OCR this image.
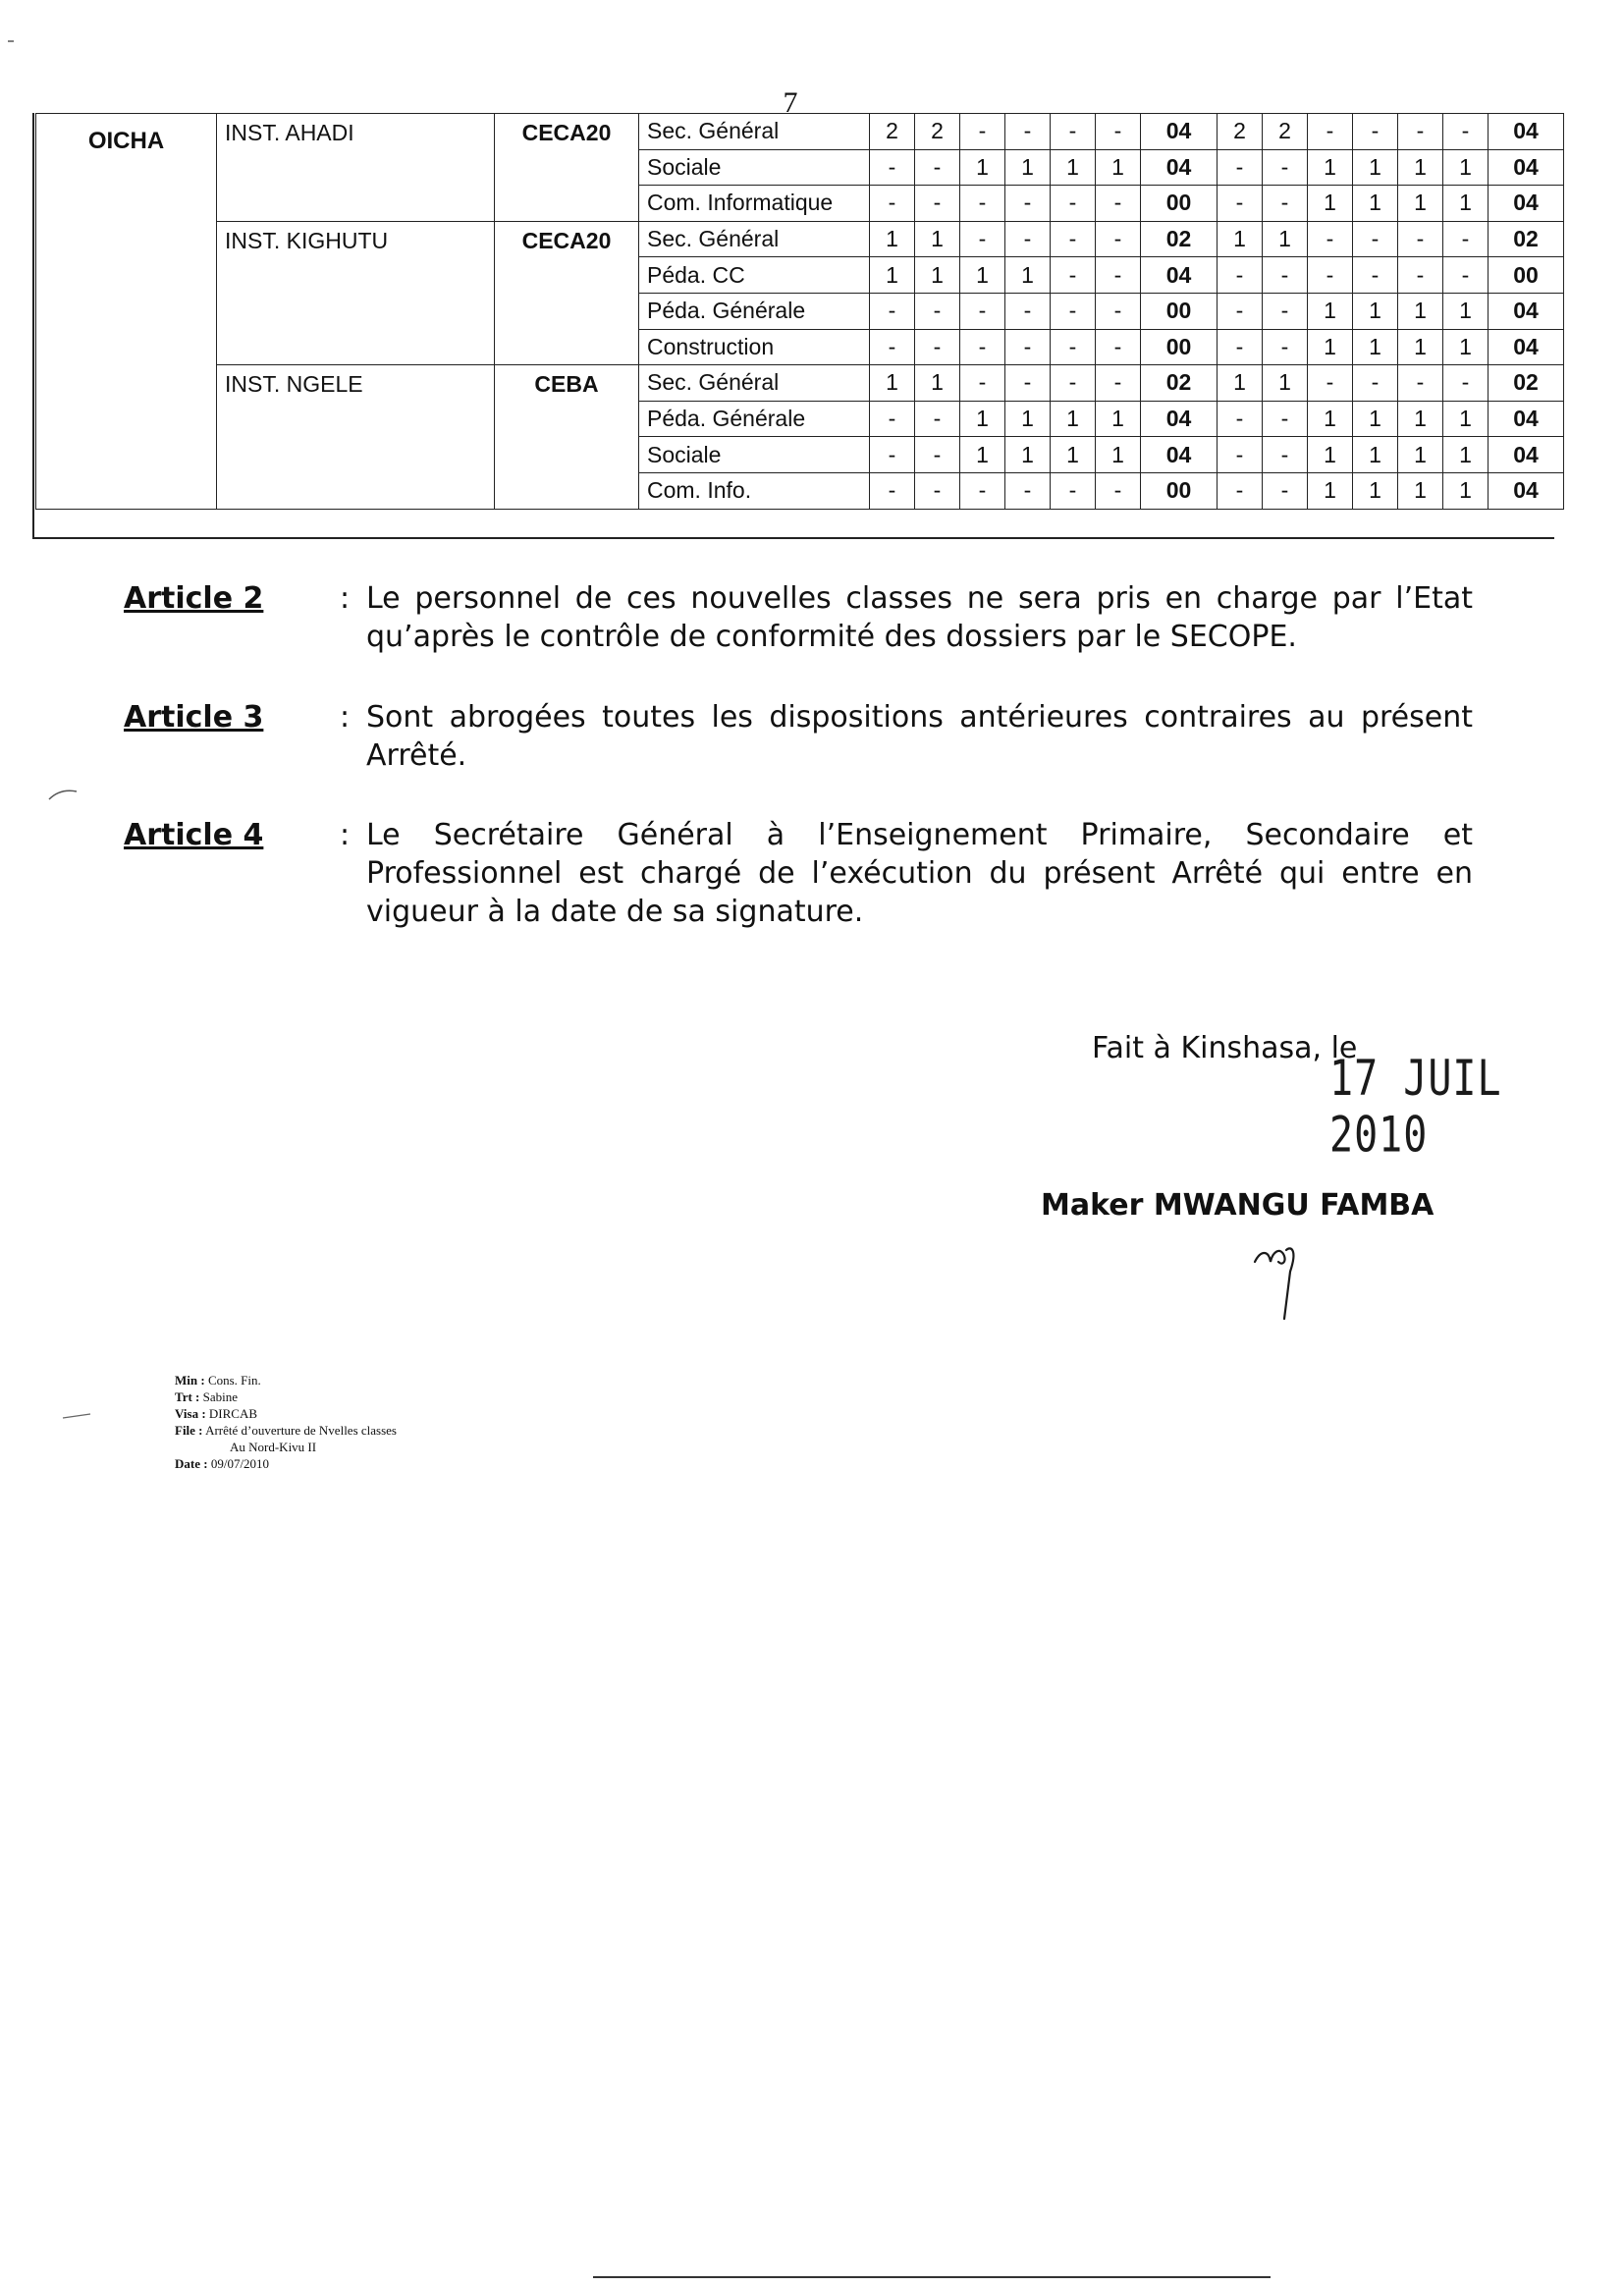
7
OICHA	INST. AHADI	CECA20	Sec. Général	2	2	-	-	-	-	04	2	2	-	-	-	-	04
			Sociale	-	-	1	1	1	1	04	-	-	1	1	1	1	04
			Com. Informatique	-	-	-	-	-	-	00	-	-	1	1	1	1	04
	INST. KIGHUTU	CECA20	Sec. Général	1	1	-	-	-	-	02	1	1	-	-	-	-	02
			Péda. CC	1	1	1	1	-	-	04	-	-	-	-	-	-	00
			Péda. Générale	-	-	-	-	-	-	00	-	-	1	1	1	1	04
			Construction	-	-	-	-	-	-	00	-	-	1	1	1	1	04
	INST. NGELE	CEBA	Sec. Général	1	1	-	-	-	-	02	1	1	-	-	-	-	02
			Péda. Générale	-	-	1	1	1	1	04	-	-	1	1	1	1	04
			Sociale	-	-	1	1	1	1	04	-	-	1	1	1	1	04
			Com. Info.	-	-	-	-	-	-	00	-	-	1	1	1	1	04
Article 2	: Le personnel de ces nouvelles classes ne sera pris en charge par l’Etat qu’après le contrôle de conformité des dossiers par le SECOPE.
Article 3	: Sont abrogées toutes les dispositions antérieures contraires au présent Arrêté.
Article 4	: Le Secrétaire Général à l’Enseignement Primaire, Secondaire et Professionnel est chargé de l’exécution du présent Arrêté qui entre en vigueur à la date de sa signature.
Fait à Kinshasa, le
17 JUIL 2010
Maker MWANGU FAMBA
Min : Cons. Fin.
Trt : Sabine
Visa : DIRCAB
File : Arrêté d’ouverture de Nvelles classes
Au Nord-Kivu II
Date : 09/07/2010
